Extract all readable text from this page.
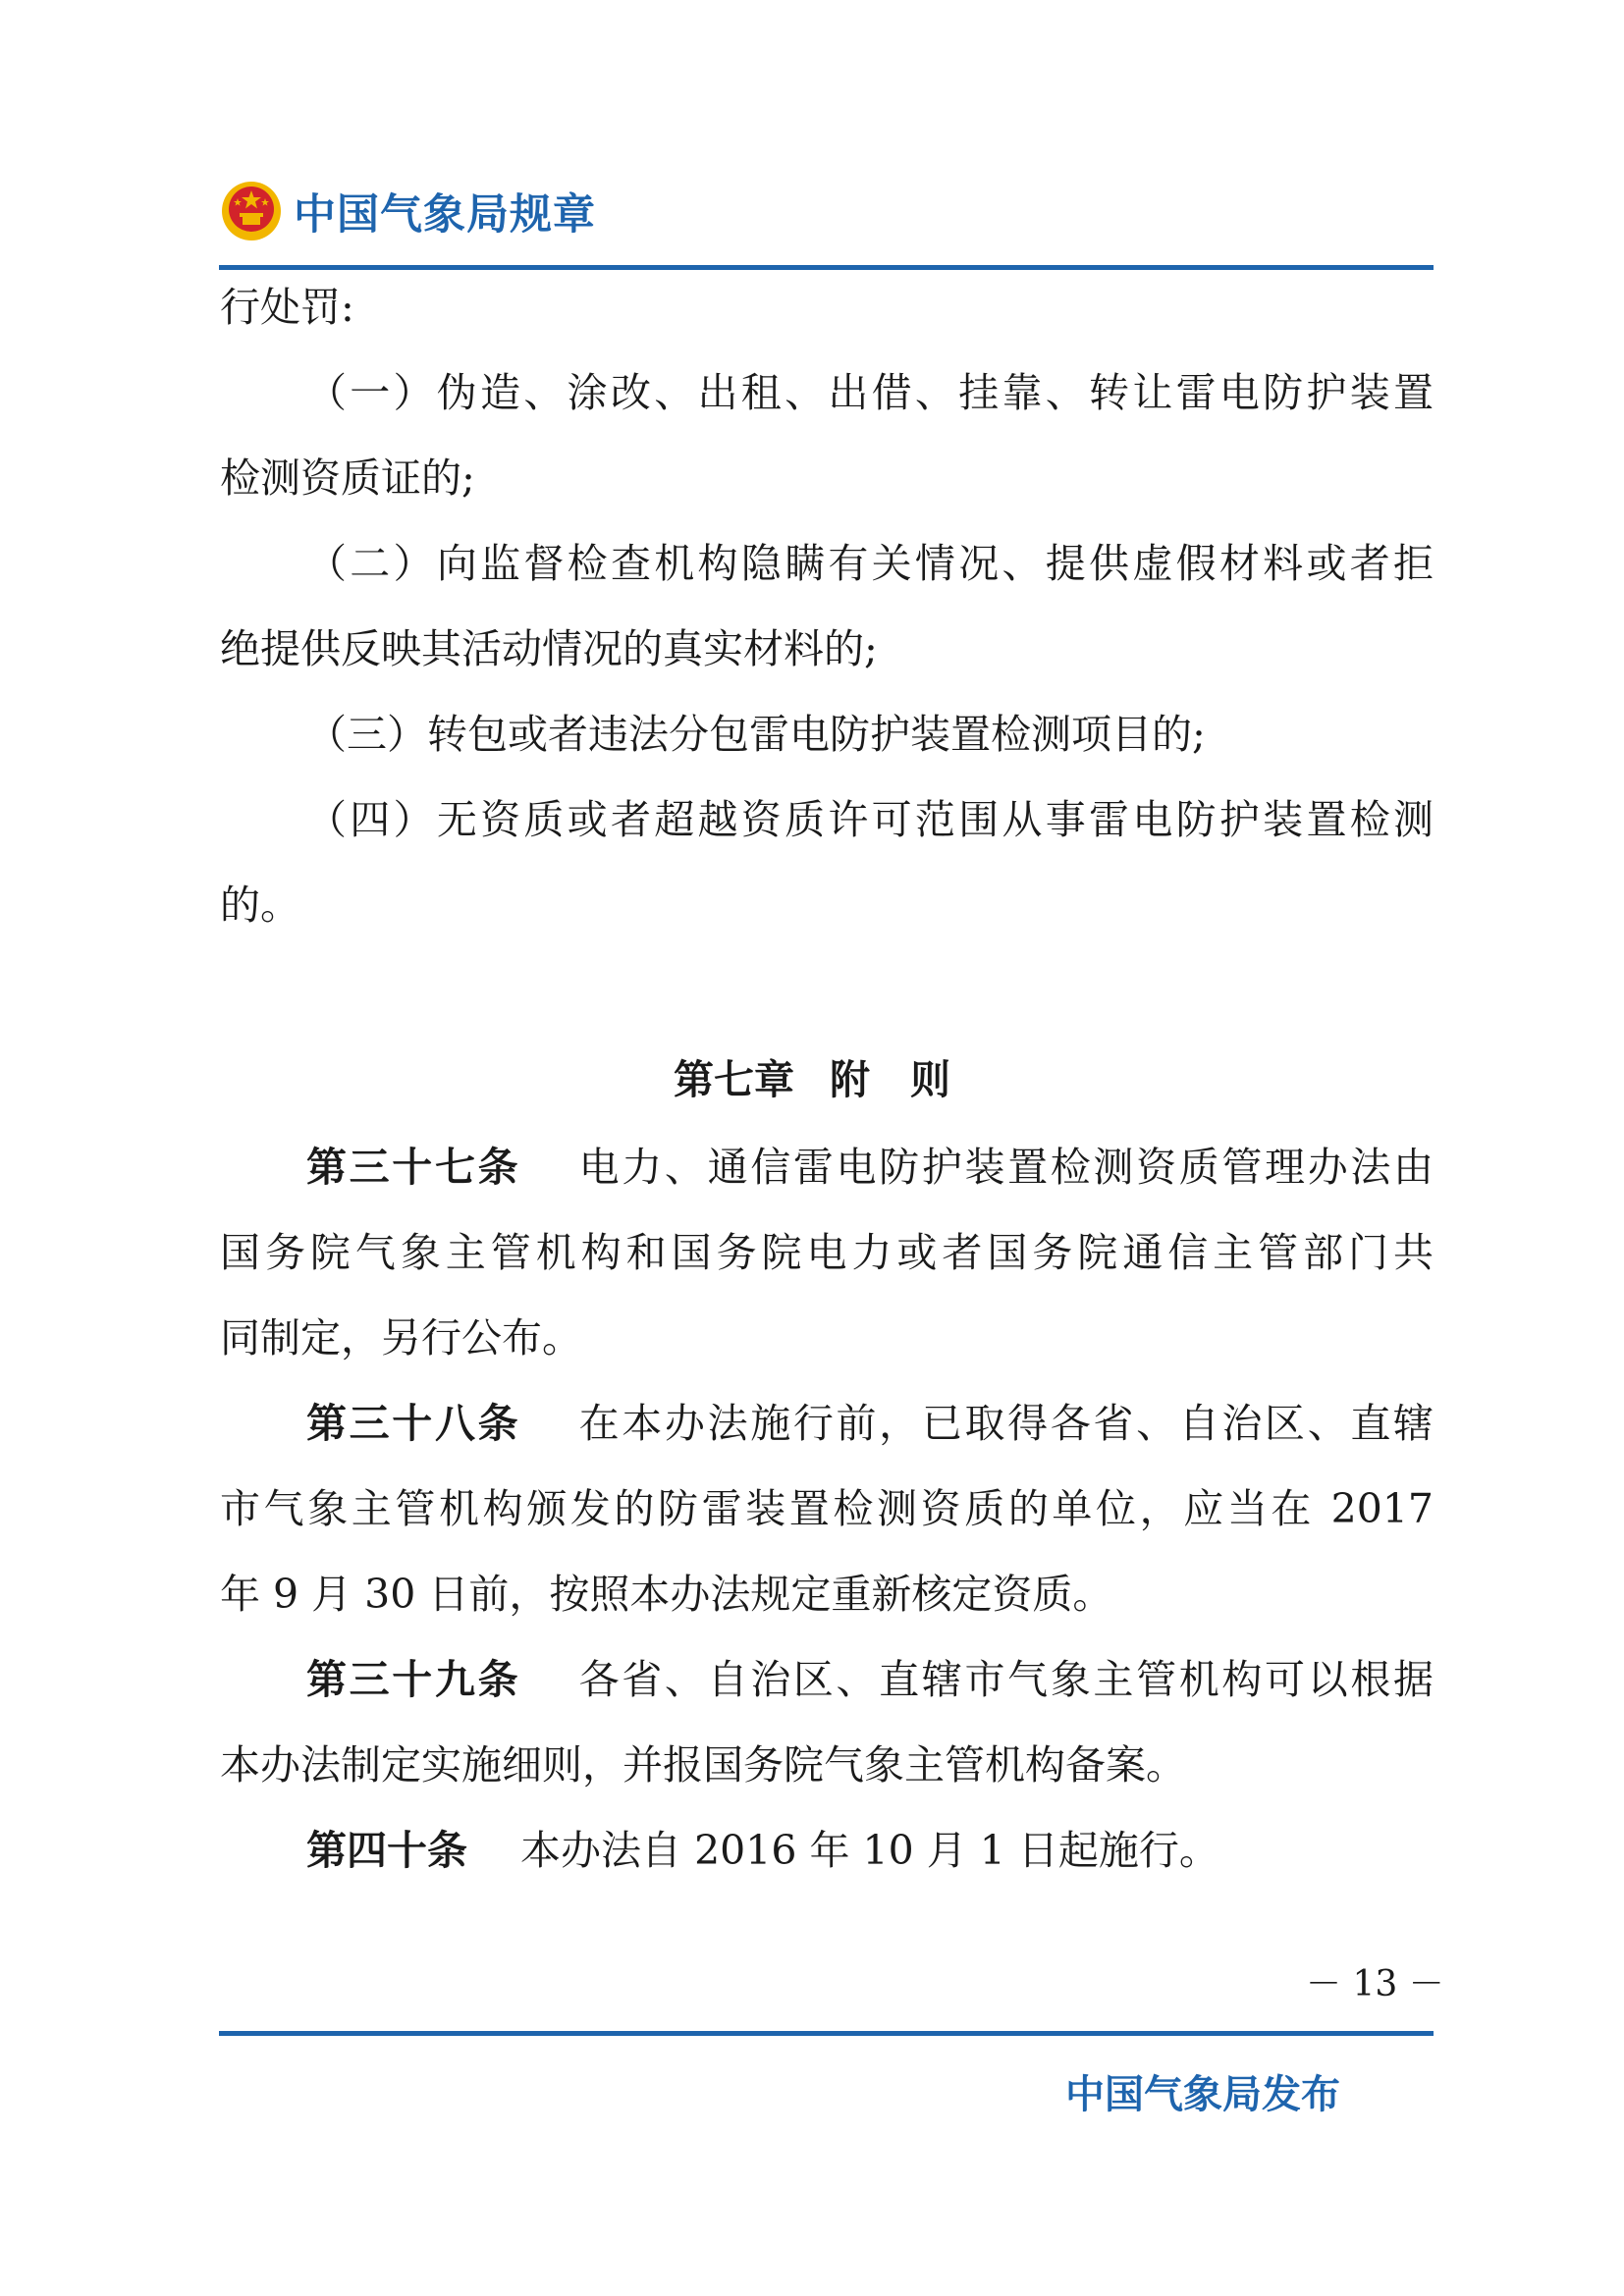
中国气象局规章
行处罚:
（一）伪造、涂改、出租、出借、挂靠、转让雷电防护装置
检测资质证的;
（二）向监督检查机构隐瞒有关情况、提供虚假材料或者拒
绝提供反映其活动情况的真实材料的;
（三）转包或者违法分包雷电防护装置检测项目的;
（四）无资质或者超越资质许可范围从事雷电防护装置检测
的。
第七章 附　则
第三十七条　 电力、通信雷电防护装置检测资质管理办法由
国务院气象主管机构和国务院电力或者国务院通信主管部门共
同制定，另行公布。
第三十八条　 在本办法施行前，已取得各省、自治区、直辖
市气象主管机构颁发的防雷装置检测资质的单位，应当在 2017
年 9 月 30 日前，按照本办法规定重新核定资质。
第三十九条　 各省、自治区、直辖市气象主管机构可以根据
本办法制定实施细则，并报国务院气象主管机构备案。
第四十条　 本办法自 2016 年 10 月 1 日起施行。
－ 13 －
中国气象局发布
